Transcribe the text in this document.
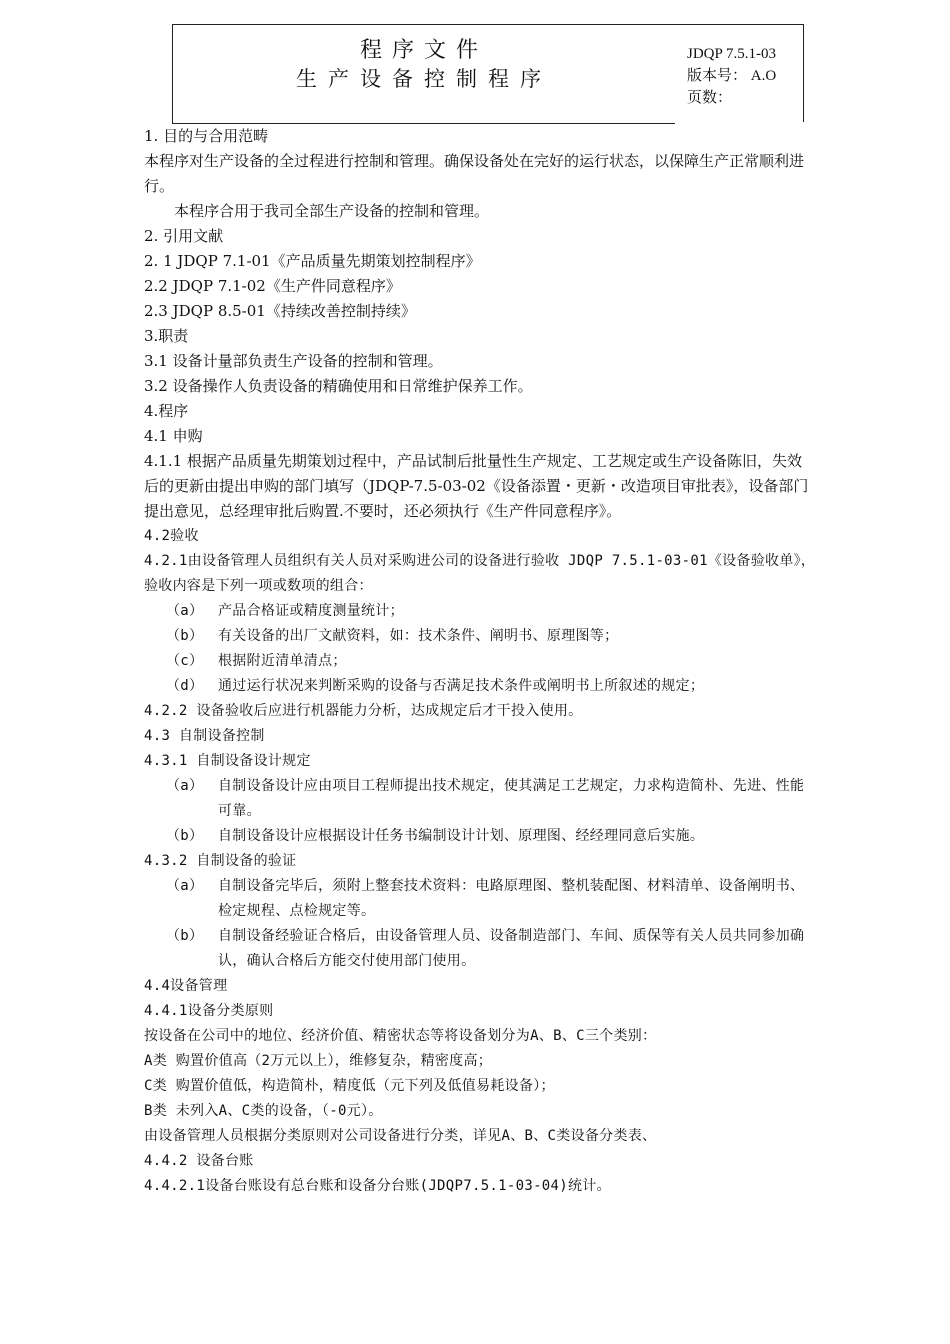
程序文件
生产设备控制程序
JDQP 7.5.1-03
版本号： A.O
页数：
1. 目的与合用范畴
本程序对生产设备的全过程进行控制和管理。确保设备处在完好的运行状态，以保障生产正常顺利进行。
本程序合用于我司全部生产设备的控制和管理。
2. 引用文献
2. 1 JDQP 7.1-01《产品质量先期策划控制程序》
2.2 JDQP 7.1-02《生产件同意程序》
2.3 JDQP 8.5-01《持续改善控制持续》
3.职责
3.1 设备计量部负责生产设备的控制和管理。
3.2 设备操作人负责设备的精确使用和日常维护保养工作。
4.程序
4.1 申购
4.1.1 根据产品质量先期策划过程中，产品试制后批量性生产规定、工艺规定或生产设备陈旧，失效后的更新由提出申购的部门填写（JDQP-7.5-03-02《设备添置・更新・改造项目审批表》，设备部门提出意见，总经理审批后购置.不要时，还必须执行《生产件同意程序》。
4.2验收
4.2.1由设备管理人员组织有关人员对采购进公司的设备进行验收 JDQP 7.5.1-03-01《设备验收单》，验收内容是下列一项或数项的组合：
（a）	产品合格证或精度测量统计；
（b）	有关设备的出厂文献资料，如：技术条件、阐明书、原理图等；
（c）	根据附近清单清点；
（d）	通过运行状况来判断采购的设备与否满足技术条件或阐明书上所叙述的规定；
4.2.2 设备验收后应进行机器能力分析，达成规定后才干投入使用。
4.3 自制设备控制
4.3.1 自制设备设计规定
（a）	自制设备设计应由项目工程师提出技术规定，使其满足工艺规定，力求构造简朴、先进、性能可靠。
（b）	自制设备设计应根据设计任务书编制设计计划、原理图、经经理同意后实施。
4.3.2 自制设备的验证
（a）	自制设备完毕后，须附上整套技术资料：电路原理图、整机装配图、材料清单、设备阐明书、检定规程、点检规定等。
（b）	自制设备经验证合格后，由设备管理人员、设备制造部门、车间、质保等有关人员共同参加确认，确认合格后方能交付使用部门使用。
4.4设备管理
4.4.1设备分类原则
按设备在公司中的地位、经济价值、精密状态等将设备划分为A、B、C三个类别：
A类 购置价值高（2万元以上），维修复杂，精密度高；
C类 购置价值低，构造简朴，精度低（元下列及低值易耗设备）；
B类 未列入A、C类的设备，（-0元）。
由设备管理人员根据分类原则对公司设备进行分类，详见A、B、C类设备分类表、
4.4.2 设备台账
4.4.2.1设备台账设有总台账和设备分台账(JDQP7.5.1-03-04)统计。
